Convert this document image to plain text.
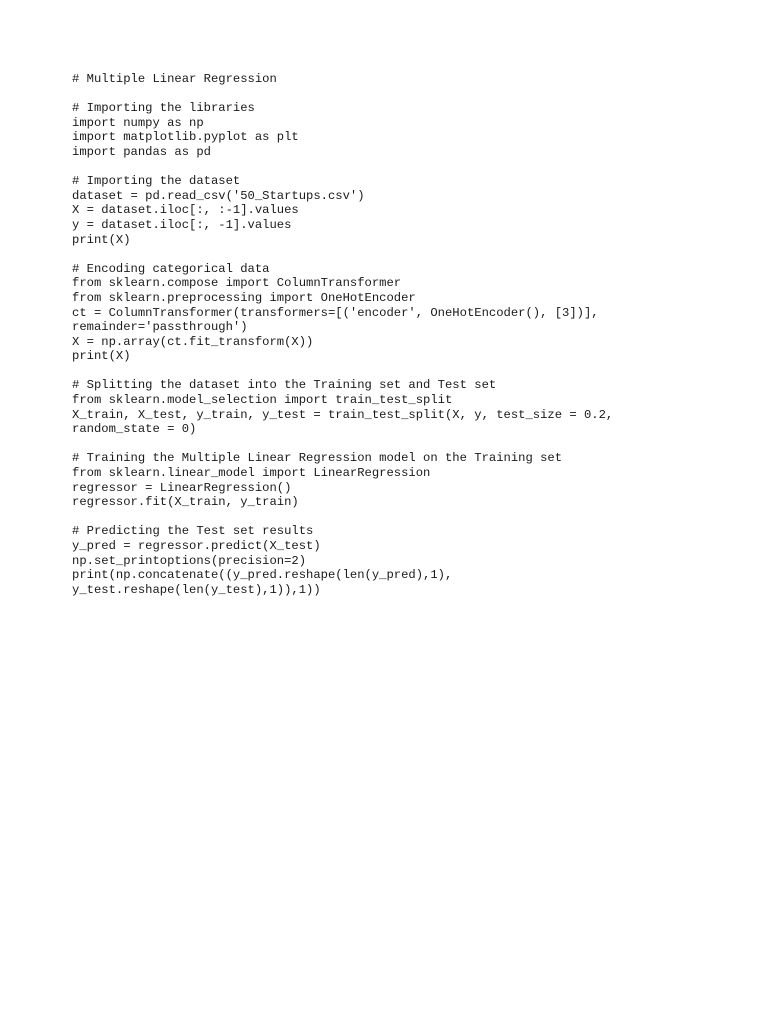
# Multiple Linear Regression
# Importing the libraries
import numpy as np
import matplotlib.pyplot as plt
import pandas as pd
# Importing the dataset
dataset = pd.read_csv('50_Startups.csv')
X = dataset.iloc[:, :-1].values
y = dataset.iloc[:, -1].values
print(X)
# Encoding categorical data
from sklearn.compose import ColumnTransformer
from sklearn.preprocessing import OneHotEncoder
ct = ColumnTransformer(transformers=[('encoder', OneHotEncoder(), [3])],
remainder='passthrough')
X = np.array(ct.fit_transform(X))
print(X)
# Splitting the dataset into the Training set and Test set
from sklearn.model_selection import train_test_split
X_train, X_test, y_train, y_test = train_test_split(X, y, test_size = 0.2,
random_state = 0)
# Training the Multiple Linear Regression model on the Training set
from sklearn.linear_model import LinearRegression
regressor = LinearRegression()
regressor.fit(X_train, y_train)
# Predicting the Test set results
y_pred = regressor.predict(X_test)
np.set_printoptions(precision=2)
print(np.concatenate((y_pred.reshape(len(y_pred),1),
y_test.reshape(len(y_test),1)),1))
